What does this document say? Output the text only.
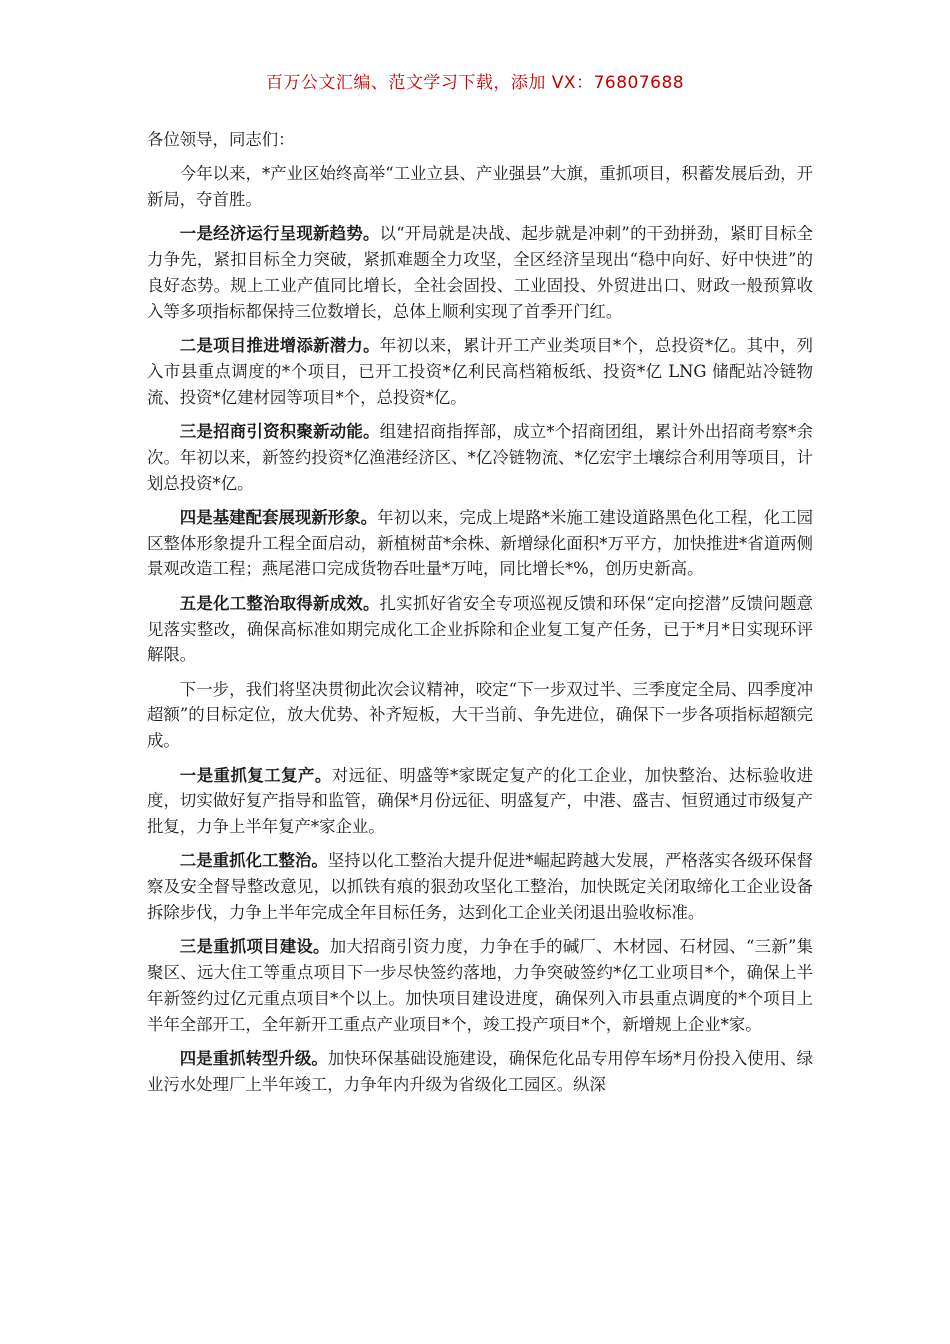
百万公文汇编、范文学习下载，添加 VX：76807688

各位领导，同志们：

今年以来，*产业区始终高举“工业立县、产业强县”大旗，重抓项目，积蓄发展后劲，开新局，夺首胜。

一是经济运行呈现新趋势。以“开局就是决战、起步就是冲刺”的干劲拼劲，紧盯目标全力争先，紧扣目标全力突破，紧抓难题全力攻坚，全区经济呈现出“稳中向好、好中快进”的良好态势。规上工业产值同比增长，全社会固投、工业固投、外贸进出口、财政一般预算收入等多项指标都保持三位数增长，总体上顺利实现了首季开门红。

二是项目推进增添新潜力。年初以来，累计开工产业类项目*个，总投资*亿。其中，列入市县重点调度的*个项目，已开工投资*亿利民高档箱板纸、投资*亿 LNG 储配站冷链物流、投资*亿建材园等项目*个，总投资*亿。

三是招商引资积聚新动能。组建招商指挥部，成立*个招商团组，累计外出招商考察*余次。年初以来，新签约投资*亿渔港经济区、*亿冷链物流、*亿宏宇土壤综合利用等项目，计划总投资*亿。

四是基建配套展现新形象。年初以来，完成上堤路*米施工建设道路黑色化工程，化工园区整体形象提升工程全面启动，新植树苗*余株、新增绿化面积*万平方，加快推进*省道两侧景观改造工程；燕尾港口完成货物吞吐量*万吨，同比增长*%，创历史新高。

五是化工整治取得新成效。扎实抓好省安全专项巡视反馈和环保“定向挖潜”反馈问题意见落实整改，确保高标准如期完成化工企业拆除和企业复工复产任务，已于*月*日实现环评解限。

下一步，我们将坚决贯彻此次会议精神，咬定“下一步双过半、三季度定全局、四季度冲超额”的目标定位，放大优势、补齐短板，大干当前、争先进位，确保下一步各项指标超额完成。

一是重抓复工复产。对远征、明盛等*家既定复产的化工企业，加快整治、达标验收进度，切实做好复产指导和监管，确保*月份远征、明盛复产，中港、盛吉、恒贸通过市级复产批复，力争上半年复产*家企业。

二是重抓化工整治。坚持以化工整治大提升促进*崛起跨越大发展，严格落实各级环保督察及安全督导整改意见，以抓铁有痕的狠劲攻坚化工整治，加快既定关闭取缔化工企业设备拆除步伐，力争上半年完成全年目标任务，达到化工企业关闭退出验收标准。

三是重抓项目建设。加大招商引资力度，力争在手的碱厂、木材园、石材园、“三新”集聚区、远大住工等重点项目下一步尽快签约落地，力争突破签约*亿工业项目*个，确保上半年新签约过亿元重点项目*个以上。加快项目建设进度，确保列入市县重点调度的*个项目上半年全部开工，全年新开工重点产业项目*个，竣工投产项目*个，新增规上企业*家。

四是重抓转型升级。加快环保基础设施建设，确保危化品专用停车场*月份投入使用、绿业污水处理厂上半年竣工，力争年内升级为省级化工园区。纵深
